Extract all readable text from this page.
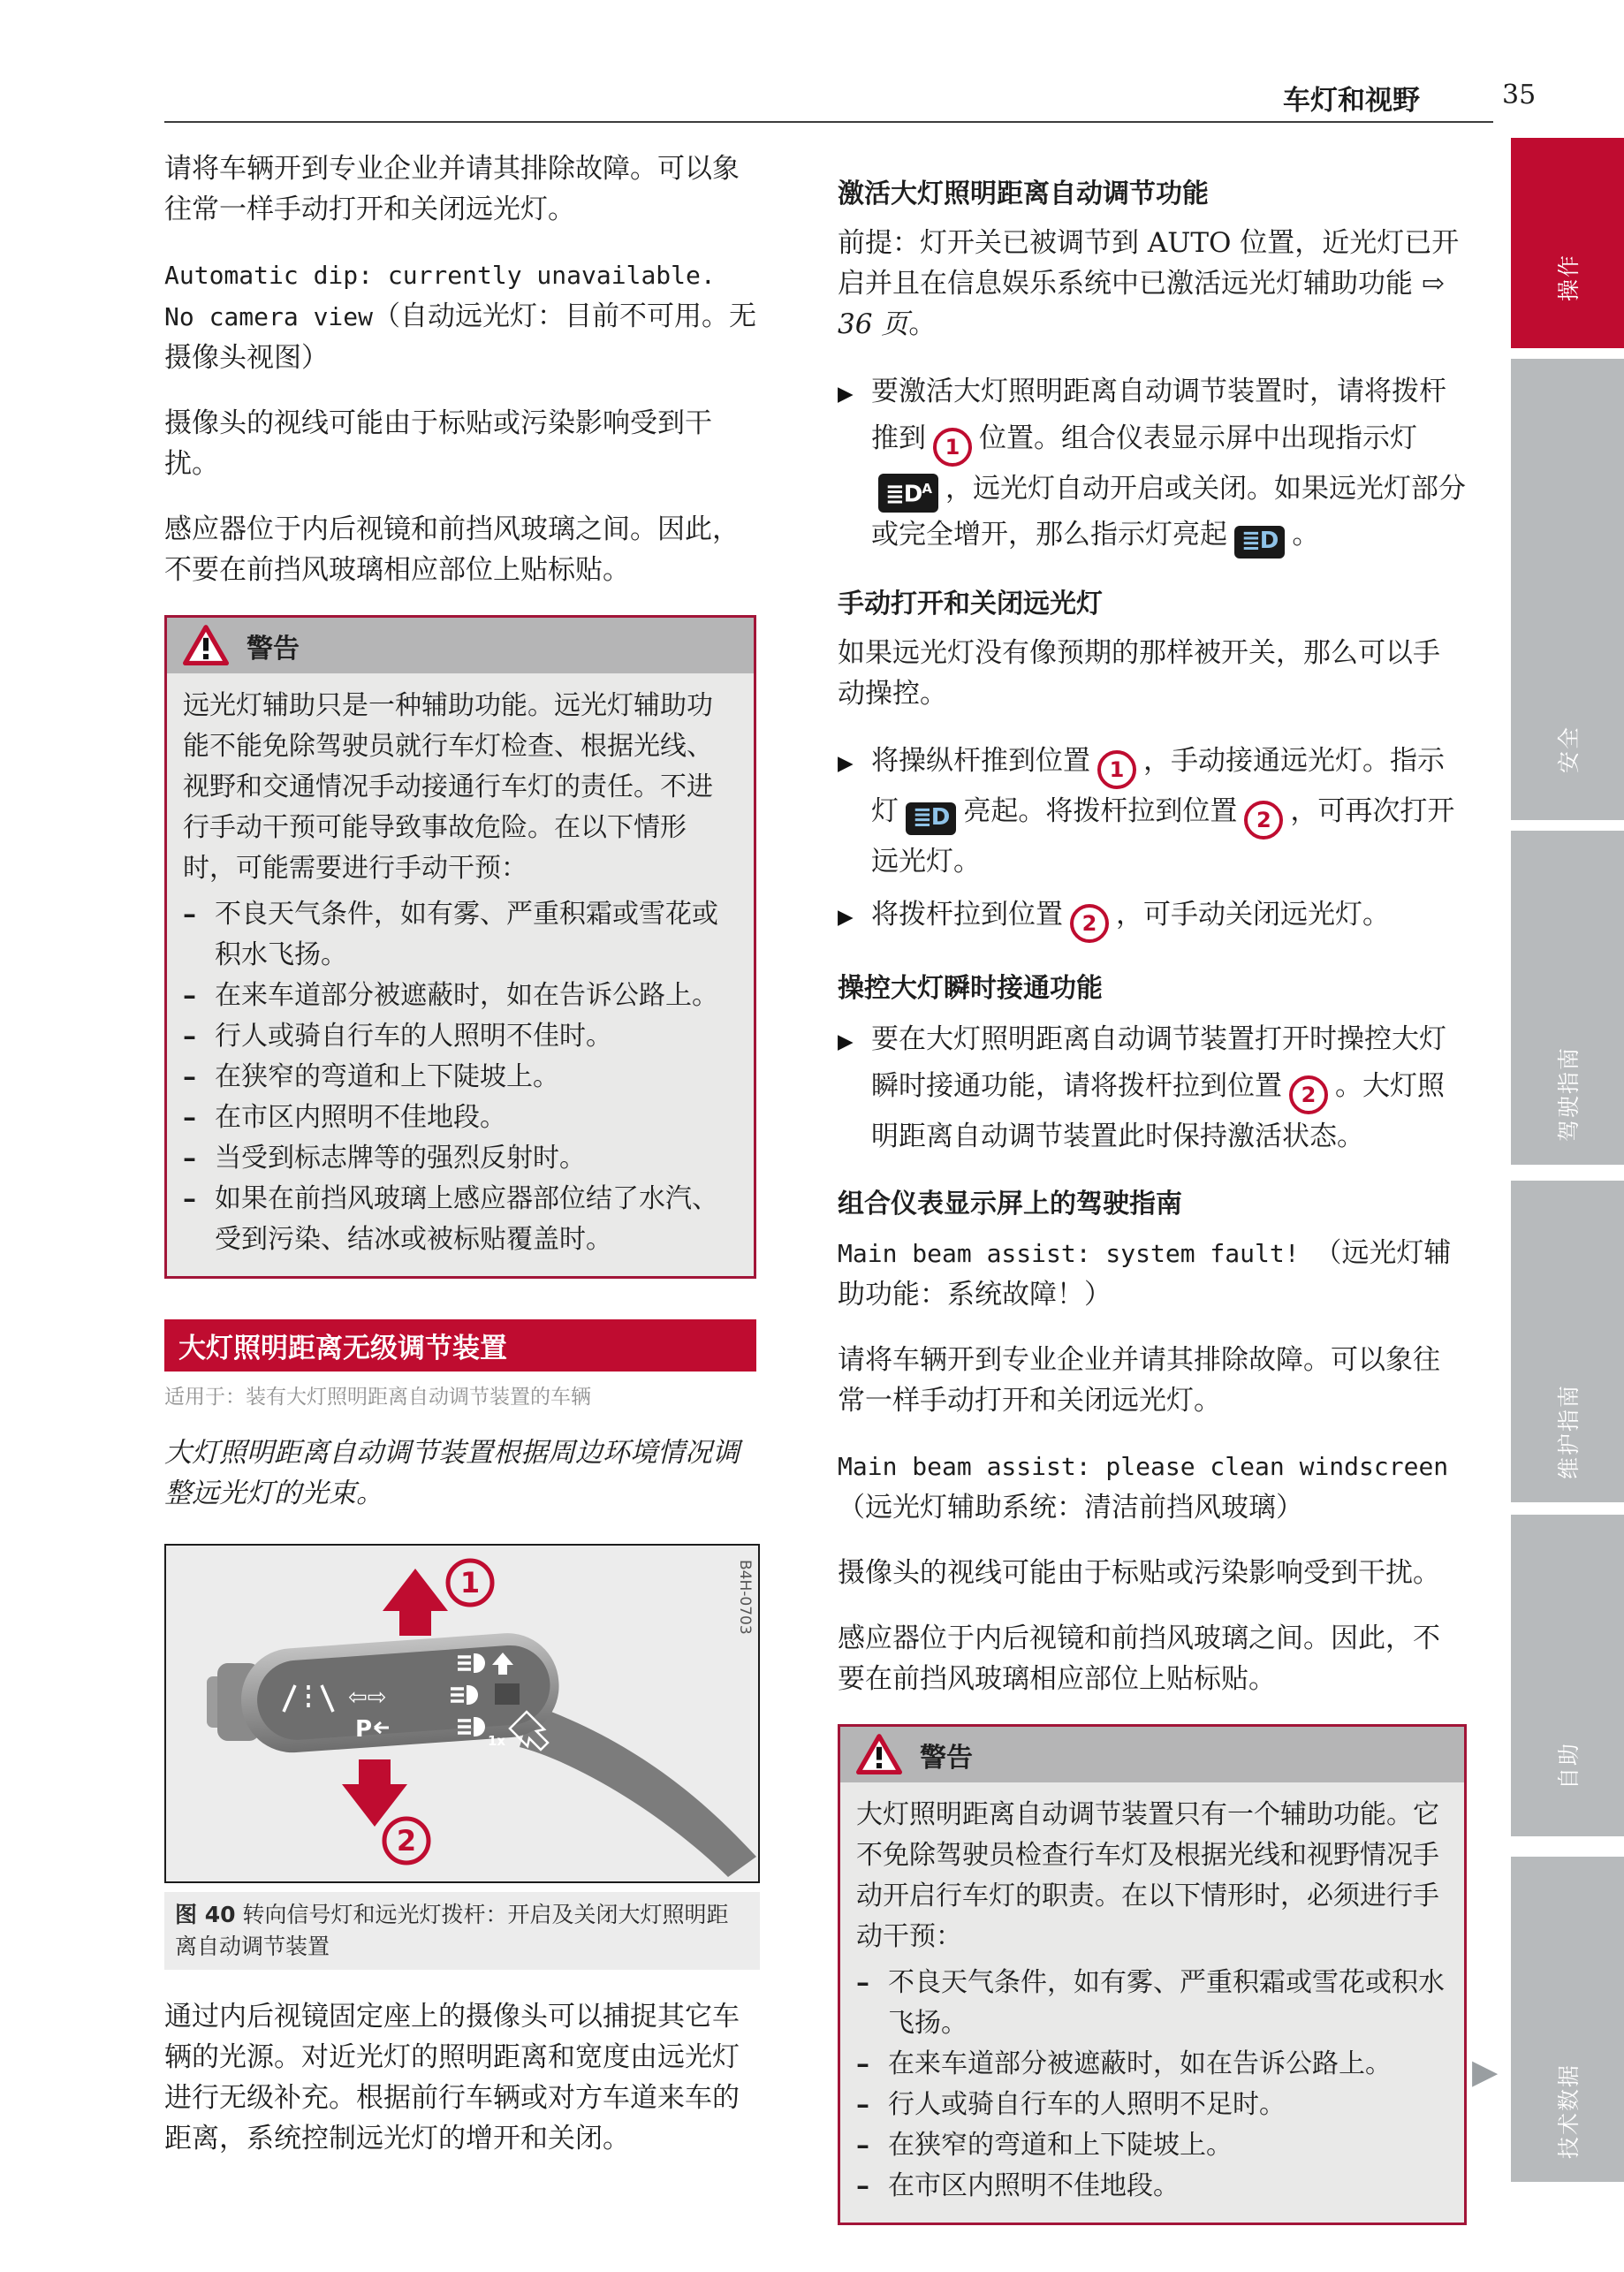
车灯和视野	35

请将车辆开到专业企业并请其排除故障。可以象往常一样手动打开和关闭远光灯。

Automatic dip: currently unavailable. No camera view（自动远光灯：目前不可用。无摄像头视图）

摄像头的视线可能由于标贴或污染影响受到干扰。

感应器位于内后视镜和前挡风玻璃之间。因此，不要在前挡风玻璃相应部位上贴标贴。

警告

远光灯辅助只是一种辅助功能。远光灯辅助功能不能免除驾驶员就行车灯检查、根据光线、视野和交通情况手动接通行车灯的责任。不进行手动干预可能导致事故危险。在以下情形时，可能需要进行手动干预：

– 不良天气条件，如有雾、严重积霜或雪花或积水飞扬。
– 在来车道部分被遮蔽时，如在告诉公路上。
– 行人或骑自行车的人照明不佳时。
– 在狭窄的弯道和上下陡坡上。
– 在市区内照明不佳地段。
– 当受到标志牌等的强烈反射时。
– 如果在前挡风玻璃上感应器部位结了水汽、受到污染、结冰或被标贴覆盖时。
大灯照明距离无级调节装置
适用于：装有大灯照明距离自动调节装置的车辆

大灯照明距离自动调节装置根据周边环境情况调整远光灯的光束。

⇦⇨
P	1x
1
2
B4H-0703
图 40 转向信号灯和远光灯拨杆：开启及关闭大灯照明距离自动调节装置

通过内后视镜固定座上的摄像头可以捕捉其它车辆的光源。对近光灯的照明距离和宽度由远光灯进行无级补充。根据前行车辆或对方车道来车的距离，系统控制远光灯的增开和关闭。

激活大灯照明距离自动调节功能

前提：灯开关已被调节到 AUTO 位置，近光灯已开启并且在信息娱乐系统中已激活远光灯辅助功能 ⇨ 36 页。

▶ 要激活大灯照明距离自动调节装置时，请将拨杆推到 1 位置。组合仪表显示屏中出现指示灯$≣D^A$ ，远光灯自动开启或关闭。如果远光灯部分或完全增开，那么指示灯亮起 ≣D 。
手动打开和关闭远光灯

如果远光灯没有像预期的那样被开关，那么可以手动操控。

▶ 将操纵杆推到位置 1 ，手动接通远光灯。指示灯 ≣D 亮起。将拨杆拉到位置 2 ，可再次打开远光灯。
▶ 将拨杆拉到位置 2 ，可手动关闭远光灯。
操控大灯瞬时接通功能
▶ 要在大灯照明距离自动调节装置打开时操控大灯瞬时接通功能，请将拨杆拉到位置 2 。大灯照明距离自动调节装置此时保持激活状态。
组合仪表显示屏上的驾驶指南

Main beam assist: system fault! （远光灯辅助功能：系统故障！）

请将车辆开到专业企业并请其排除故障。可以象往常一样手动打开和关闭远光灯。

Main beam assist: please clean windscreen（远光灯辅助系统：清洁前挡风玻璃）

摄像头的视线可能由于标贴或污染影响受到干扰。

感应器位于内后视镜和前挡风玻璃之间。因此，不要在前挡风玻璃相应部位上贴标贴。

警告

大灯照明距离自动调节装置只有一个辅助功能。它不免除驾驶员检查行车灯及根据光线和视野情况手动开启行车灯的职责。在以下情形时，必须进行手动干预：

– 不良天气条件，如有雾、严重积霜或雪花或积水飞扬。
– 在来车道部分被遮蔽时，如在告诉公路上。
– 行人或骑自行车的人照明不足时。
– 在狭窄的弯道和上下陡坡上。
– 在市区内照明不佳地段。
▶
操作
安全
驾驶指南
维护指南
自助
技术数据
